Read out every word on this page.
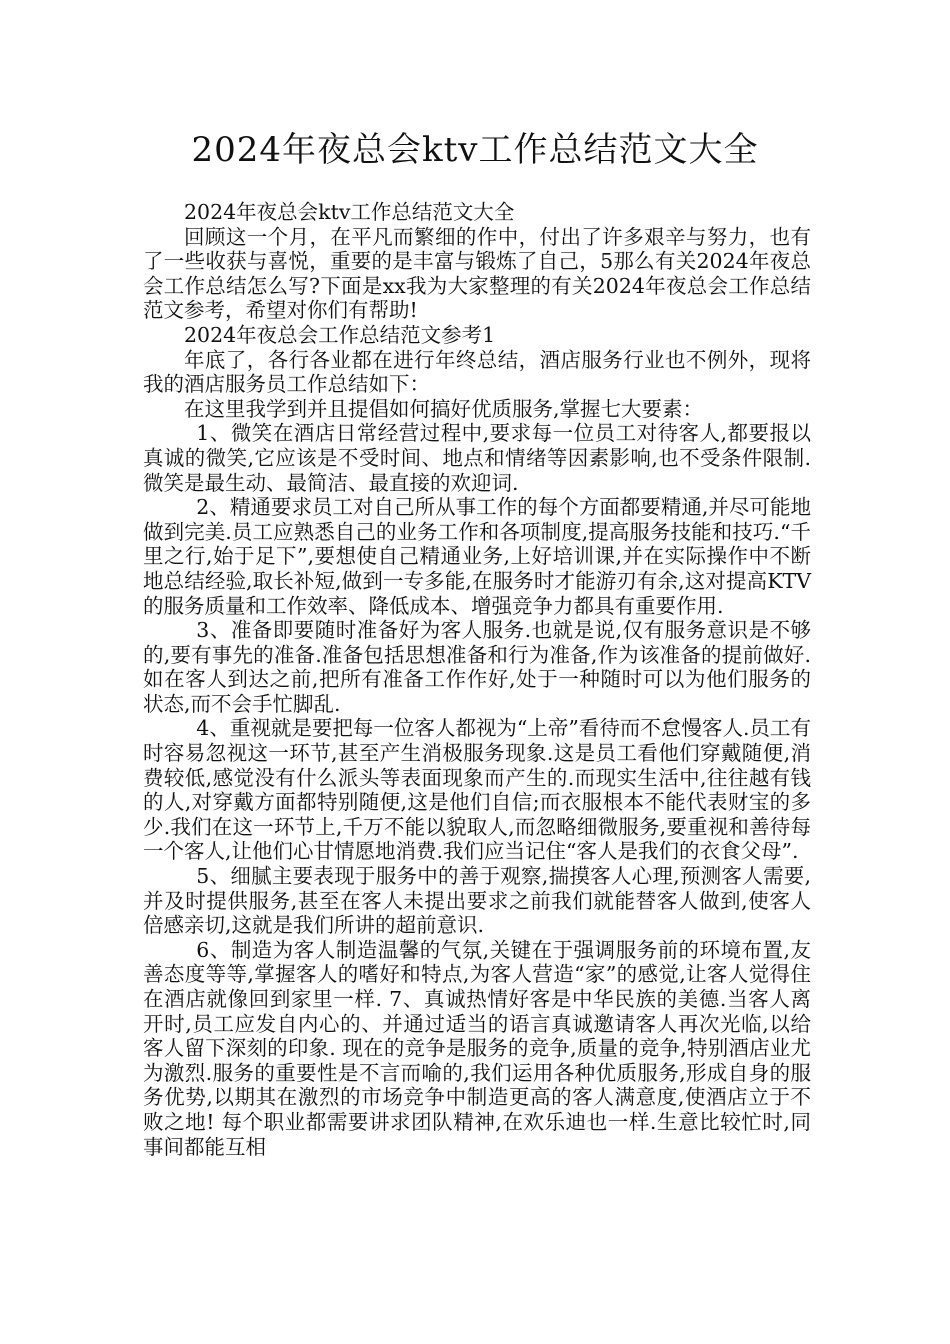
2024年夜总会ktv工作总结范文大全

2024年夜总会ktv工作总结范文大全

回顾这一个月，在平凡而繁细的作中，付出了许多艰辛与努力，也有了一些收获与喜悦，重要的是丰富与锻炼了自己，5那么有关2024年夜总会工作总结怎么写?下面是xx我为大家整理的有关2024年夜总会工作总结范文参考，希望对你们有帮助!

2024年夜总会工作总结范文参考1

年底了，各行各业都在进行年终总结，酒店服务行业也不例外，现将我的酒店服务员工作总结如下：

在这里我学到并且提倡如何搞好优质服务,掌握七大要素：

1、微笑在酒店日常经营过程中,要求每一位员工对待客人,都要报以真诚的微笑,它应该是不受时间、地点和情绪等因素影响,也不受条件限制.微笑是最生动、最简洁、最直接的欢迎词.

2、精通要求员工对自己所从事工作的每个方面都要精通,并尽可能地做到完美.员工应熟悉自己的业务工作和各项制度,提高服务技能和技巧.“千里之行,始于足下”,要想使自己精通业务,上好培训课,并在实际操作中不断地总结经验,取长补短,做到一专多能,在服务时才能游刃有余,这对提高KTV的服务质量和工作效率、降低成本、增强竞争力都具有重要作用.

3、准备即要随时准备好为客人服务.也就是说,仅有服务意识是不够的,要有事先的准备.准备包括思想准备和行为准备,作为该准备的提前做好.如在客人到达之前,把所有准备工作作好,处于一种随时可以为他们服务的状态,而不会手忙脚乱.

4、重视就是要把每一位客人都视为“上帝”看待而不怠慢客人.员工有时容易忽视这一环节,甚至产生消极服务现象.这是员工看他们穿戴随便,消费较低,感觉没有什么派头等表面现象而产生的.而现实生活中,往往越有钱的人,对穿戴方面都特别随便,这是他们自信;而衣服根本不能代表财宝的多少.我们在这一环节上,千万不能以貌取人,而忽略细微服务,要重视和善待每一个客人,让他们心甘情愿地消费.我们应当记住“客人是我们的衣食父母”.

5、细腻主要表现于服务中的善于观察,揣摸客人心理,预测客人需要,并及时提供服务,甚至在客人未提出要求之前我们就能替客人做到,使客人倍感亲切,这就是我们所讲的超前意识.

6、制造为客人制造温馨的气氛,关键在于强调服务前的环境布置,友善态度等等,掌握客人的嗜好和特点,为客人营造“家”的感觉,让客人觉得住在酒店就像回到家里一样. 7、真诚热情好客是中华民族的美德.当客人离开时,员工应发自内心的、并通过适当的语言真诚邀请客人再次光临,以给客人留下深刻的印象. 现在的竞争是服务的竞争,质量的竞争,特别酒店业尤为激烈.服务的重要性是不言而喻的,我们运用各种优质服务,形成自身的服务优势,以期其在激烈的市场竞争中制造更高的客人满意度,使酒店立于不败之地! 每个职业都需要讲求团队精神,在欢乐迪也一样.生意比较忙时,同事间都能互相
